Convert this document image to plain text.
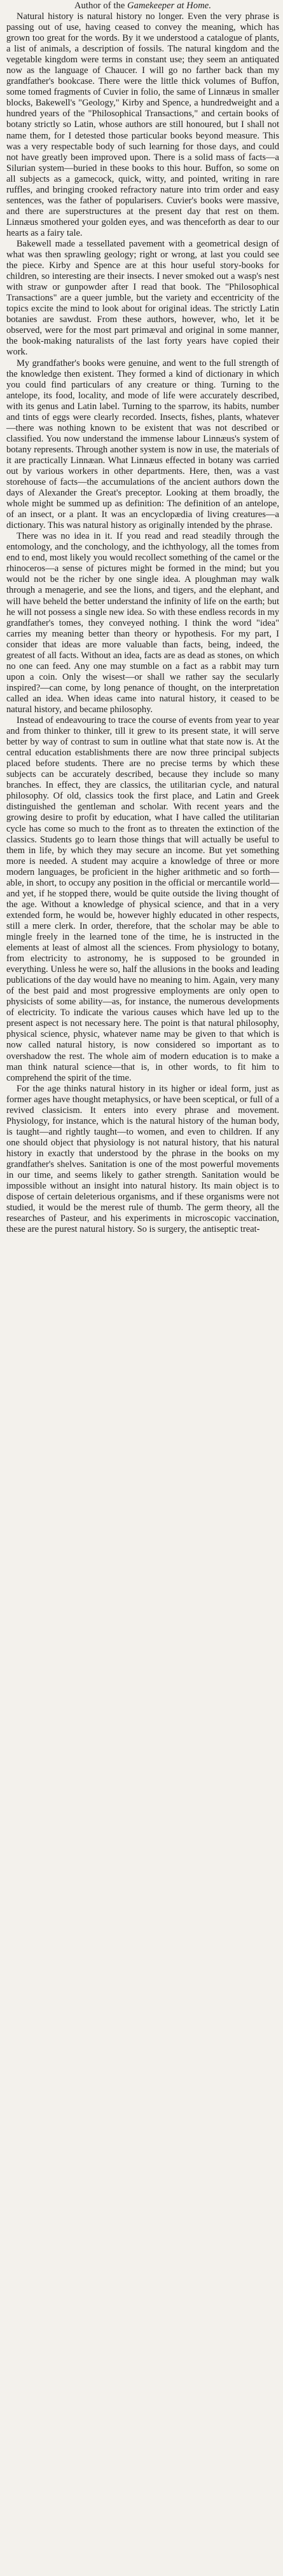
Author of the Gamekeeper at Home.

Natural history is natural history no longer. Even the very phrase is passing out of use, having ceased to convey the meaning, which has grown too great for the words. By it we understood a catalogue of plants, a list of animals, a description of fossils. The natural kingdom and the vegetable kingdom were terms in constant use; they seem an antiquated now as the language of Chaucer. I will go no farther back than my grandfather's bookcase. There were the little thick volumes of Buffon, some tomed fragments of Cuvier in folio, the same of Linnæus in smaller blocks, Bakewell's "Geology," Kirby and Spence, a hundredweight and a hundred years of the "Philosophical Transactions," and certain books of botany strictly so Latin, whose authors are still honoured, but I shall not name them, for I detested those particular books beyond measure. This was a very respectable body of such learning for those days, and could not have greatly been improved upon. There is a solid mass of facts—a Silurian system—buried in these books to this hour. Buffon, so some on all subjects as a gamecock, quick, witty, and pointed, writing in rare ruffles, and bringing crooked refractory nature into trim order and easy sentences, was the father of popularisers. Cuvier's books were massive, and there are superstructures at the present day that rest on them. Linnæus smothered your golden eyes, and was thenceforth as dear to our hearts as a fairy tale.

Bakewell made a tessellated pavement with a geometrical design of what was then sprawling geology; right or wrong, at last you could see the piece. Kirby and Spence are at this hour useful story-books for children, so interesting are their insects. I never smoked out a wasp's nest with straw or gunpowder after I read that book. The "Philosophical Transactions" are a queer jumble, but the variety and eccentricity of the topics excite the mind to look about for original ideas. The strictly Latin botanies are sawdust. From these authors, however, who, let it be observed, were for the most part primæval and original in some manner, the book-making naturalists of the last forty years have copied their work.

My grandfather's books were genuine, and went to the full strength of the knowledge then existent. They formed a kind of dictionary in which you could find particulars of any creature or thing. Turning to the antelope, its food, locality, and mode of life were accurately described, with its genus and Latin label. Turning to the sparrow, its habits, number and tints of eggs were clearly recorded. Insects, fishes, plants, whatever—there was nothing known to be existent that was not described or classified. You now understand the immense labour Linnæus's system of botany represents. Through another system is now in use, the materials of it are practically Linnæan. What Linnæus effected in botany was carried out by various workers in other departments. Here, then, was a vast storehouse of facts—the accumulations of the ancient authors down the days of Alexander the Great's preceptor. Looking at them broadly, the whole might be summed up as definition: The definition of an antelope, of an insect, or a plant. It was an encyclopædia of living creatures—a dictionary. This was natural history as originally intended by the phrase.

There was no idea in it. If you read and read steadily through the entomology, and the conchology, and the ichthyology, all the tomes from end to end, most likely you would recollect something of the camel or the rhinoceros—a sense of pictures might be formed in the mind; but you would not be the richer by one single idea. A ploughman may walk through a menagerie, and see the lions, and tigers, and the elephant, and will have beheld the better understand the infinity of life on the earth; but he will not possess a single new idea. So with these endless records in my grandfather's tomes, they conveyed nothing. I think the word "idea" carries my meaning better than theory or hypothesis. For my part, I consider that ideas are more valuable than facts, being, indeed, the greatest of all facts. Without an idea, facts are as dead as stones, on which no one can feed. Any one may stumble on a fact as a rabbit may turn upon a coin. Only the wisest—or shall we rather say the secularly inspired?—can come, by long penance of thought, on the interpretation called an idea. When ideas came into natural history, it ceased to be natural history, and became philosophy.

Instead of endeavouring to trace the course of events from year to year and from thinker to thinker, till it grew to its present state, it will serve better by way of contrast to sum in outline what that state now is. At the central education establishments there are now three principal subjects placed before students. There are no precise terms by which these subjects can be accurately described, because they include so many branches. In effect, they are classics, the utilitarian cycle, and natural philosophy. Of old, classics took the first place, and Latin and Greek distinguished the gentleman and scholar. With recent years and the growing desire to profit by education, what I have called the utilitarian cycle has come so much to the front as to threaten the extinction of the classics. Students go to learn those things that will actually be useful to them in life, by which they may secure an income. But yet something more is needed. A student may acquire a knowledge of three or more modern languages, be proficient in the higher arithmetic and so forth—able, in short, to occupy any position in the official or mercantile world—and yet, if he stopped there, would be quite outside the living thought of the age. Without a knowledge of physical science, and that in a very extended form, he would be, however highly educated in other respects, still a mere clerk. In order, therefore, that the scholar may be able to mingle freely in the learned tone of the time, he is instructed in the elements at least of almost all the sciences. From physiology to botany, from electricity to astronomy, he is supposed to be grounded in everything. Unless he were so, half the allusions in the books and leading publications of the day would have no meaning to him. Again, very many of the best paid and most progressive employments are only open to physicists of some ability—as, for instance, the numerous developments of electricity. To indicate the various causes which have led up to the present aspect is not necessary here. The point is that natural philosophy, physical science, physic, whatever name may be given to that which is now called natural history, is now considered so important as to overshadow the rest. The whole aim of modern education is to make a man think natural science—that is, in other words, to fit him to comprehend the spirit of the time.

For the age thinks natural history in its higher or ideal form, just as former ages have thought metaphysics, or have been sceptical, or full of a revived classicism. It enters into every phrase and movement. Physiology, for instance, which is the natural history of the human body, is taught—and rightly taught—to women, and even to children. If any one should object that physiology is not natural history, that his natural history in exactly that understood by the phrase in the books on my grandfather's shelves. Sanitation is one of the most powerful movements in our time, and seems likely to gather strength. Sanitation would be impossible without an insight into natural history. Its main object is to dispose of certain deleterious organisms, and if these organisms were not studied, it would be the merest rule of thumb. The germ theory, all the researches of Pasteur, and his experiments in microscopic vaccination, these are the purest natural history. So is surgery, the antiseptic treat-
